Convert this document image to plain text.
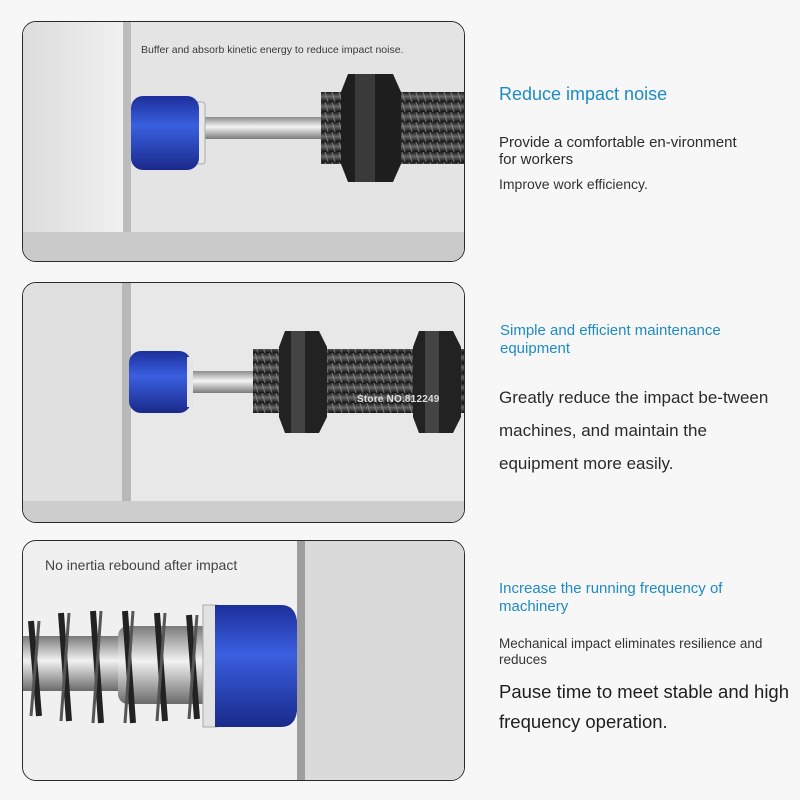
Buffer and absorb kinetic energy to reduce impact noise.
Store NO.812249
No inertia rebound after impact

Reduce impact noise

Provide a comfortable en-vironment for workers

Improve work efficiency.

Simple and efficient maintenance equipment

Greatly reduce the impact be-tween machines, and maintain the equipment more easily.

Increase the running frequency of machinery

Mechanical impact eliminates resilience and reduces

Pause time to meet stable and high frequency operation.
